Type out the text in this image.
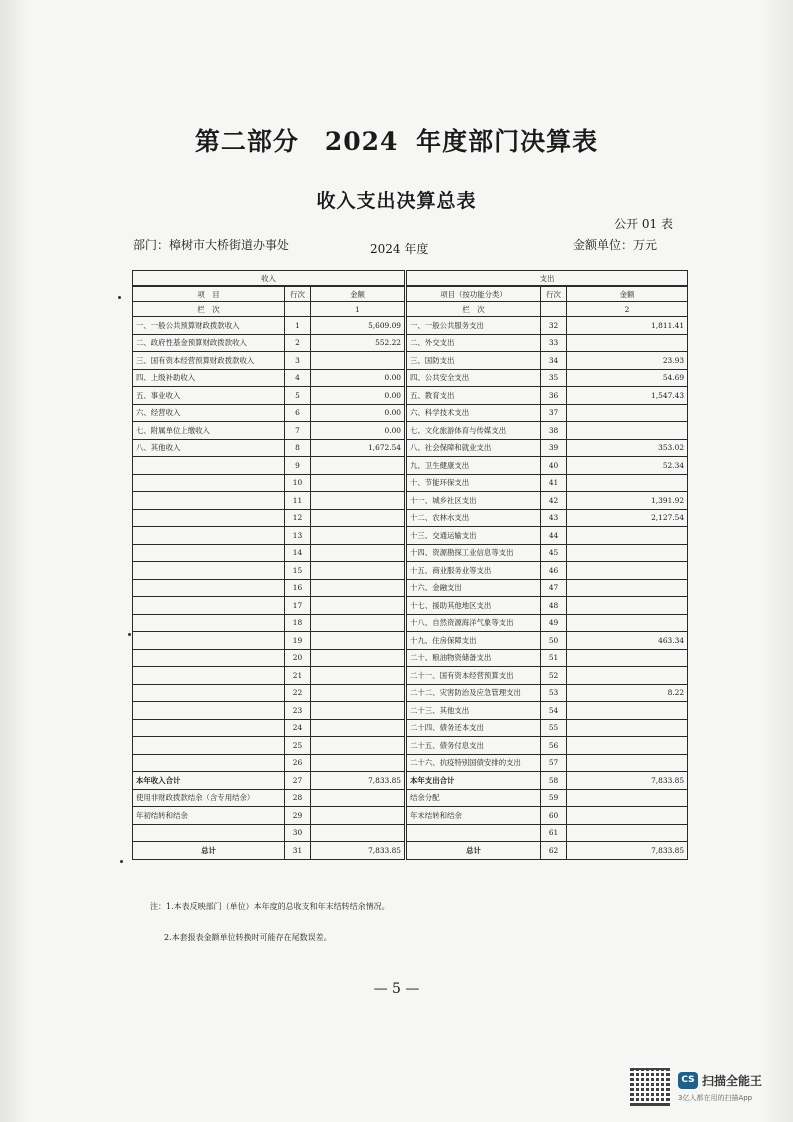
第二部分　2024 年度部门决算表
收入支出决算总表
公开 01 表
部门：樟树市大桥街道办事处	2024 年度	金额单位：万元
收入			支出		
项　目	行次	金额	项目（按功能分类）	行次	金额
栏　次		1	栏　次		2
一、一般公共预算财政拨款收入	1	5,609.09	一、一般公共服务支出	32	1,811.41
二、政府性基金预算财政拨款收入	2	552.22	二、外交支出	33	
三、国有资本经营预算财政拨款收入	3		三、国防支出	34	23.93
四、上级补助收入	4	0.00	四、公共安全支出	35	54.69
五、事业收入	5	0.00	五、教育支出	36	1,547.43
六、经营收入	6	0.00	六、科学技术支出	37	
七、附属单位上缴收入	7	0.00	七、文化旅游体育与传媒支出	38	
八、其他收入	8	1,672.54	八、社会保障和就业支出	39	353.02
	9		九、卫生健康支出	40	52.34
	10		十、节能环保支出	41	
	11		十一、城乡社区支出	42	1,391.92
	12		十二、农林水支出	43	2,127.54
	13		十三、交通运输支出	44	
	14		十四、资源勘探工业信息等支出	45	
	15		十五、商业服务业等支出	46	
	16		十六、金融支出	47	
	17		十七、援助其他地区支出	48	
	18		十八、自然资源海洋气象等支出	49	
	19		十九、住房保障支出	50	463.34
	20		二十、粮油物资储备支出	51	
	21		二十一、国有资本经营预算支出	52	
	22		二十二、灾害防治及应急管理支出	53	8.22
	23		二十三、其他支出	54	
	24		二十四、债务还本支出	55	
	25		二十五、债务付息支出	56	
	26		二十六、抗疫特别国债安排的支出	57	
本年收入合计	27	7,833.85	本年支出合计	58	7,833.85
使用非财政拨款结余（含专用结余）	28		结余分配	59	
年初结转和结余	29		年末结转和结余	60	
	30			61	
总计	31	7,833.85	总计	62	7,833.85
注：1.本表反映部门（单位）本年度的总收支和年末结转结余情况。
2.本套报表金额单位转换时可能存在尾数误差。
— 5 —
CS 扫描全能王
3亿人都在用的扫描App
